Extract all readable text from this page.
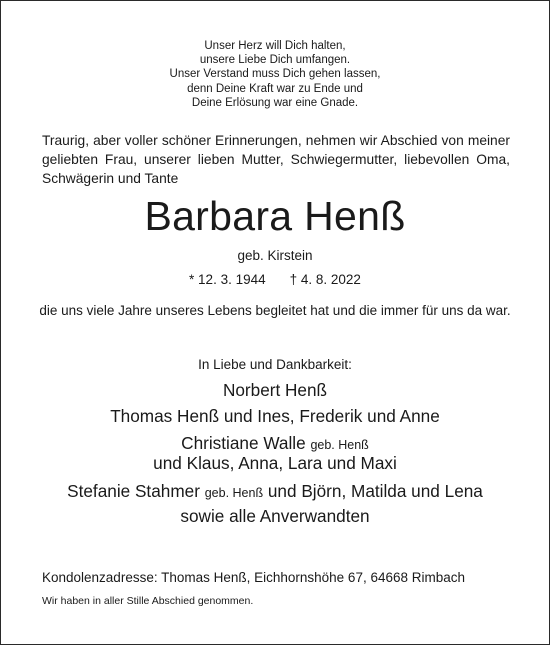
Unser Herz will Dich halten,
unsere Liebe Dich umfangen.
Unser Verstand muss Dich gehen lassen,
denn Deine Kraft war zu Ende und
Deine Erlösung war eine Gnade.
Traurig, aber voller schöner Erinnerungen, nehmen wir Abschied von meiner geliebten Frau, unserer lieben Mutter, Schwiegermutter, liebevollen Oma, Schwägerin und Tante
Barbara Henß
geb. Kirstein
* 12. 3. 1944 † 4. 8. 2022
die uns viele Jahre unseres Lebens begleitet hat und die immer für uns da war.
In Liebe und Dankbarkeit:
Norbert Henß
Thomas Henß und Ines, Frederik und Anne
Christiane Walle geb. Henß
und Klaus, Anna, Lara und Maxi
Stefanie Stahmer geb. Henß und Björn, Matilda und Lena
sowie alle Anverwandten
Kondolenzadresse: Thomas Henß, Eichhornshöhe 67, 64668 Rimbach
Wir haben in aller Stille Abschied genommen.
